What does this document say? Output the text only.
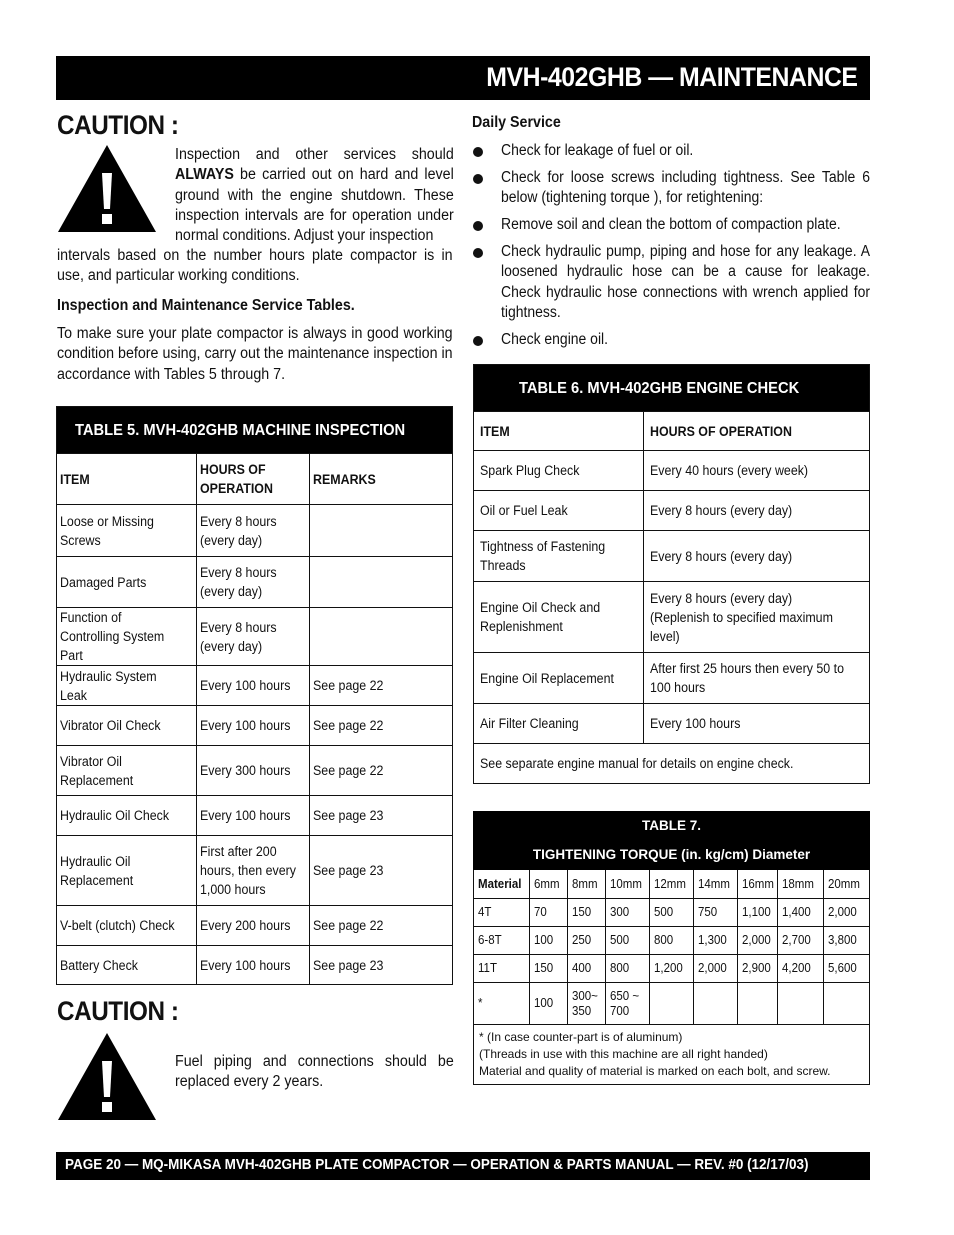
MVH-402GHB — MAINTENANCE
CAUTION :
Inspection and other services should ALWAYS be carried out on hard and level ground with the engine shutdown. These inspection intervals are for operation under normal conditions. Adjust your inspection
intervals based on the number hours plate compactor is in use, and particular working conditions.
Inspection and Maintenance Service Tables.
To make sure your plate compactor is always in good working condition before using, carry out the maintenance inspection in accordance with Tables 5 through 7.
TABLE 5. MVH-402GHB MACHINE INSPECTION		
ITEM	HOURS OF OPERATION	REMARKS
Loose or Missing Screws	Every 8 hours (every day)	
Damaged Parts	Every 8 hours (every day)	
Function of Controlling System Part	Every 8 hours (every day)	
Hydraulic System Leak	Every 100 hours	See page 22
Vibrator Oil Check	Every 100 hours	See page 22
Vibrator Oil Replacement	Every 300 hours	See page 22
Hydraulic Oil Check	Every 100 hours	See page 23
Hydraulic Oil Replacement	First after 200 hours, then every 1,000 hours	See page 23
V-belt (clutch) Check	Every 200 hours	See page 22
Battery Check	Every 100 hours	See page 23
CAUTION :
Fuel piping and connections should be replaced every 2 years.
Daily Service
Check for leakage of fuel or oil.
Check for loose screws including tightness. See Table 6 below (tightening torque ), for retightening:
Remove soil and clean the bottom of compaction plate.
Check hydraulic pump, piping and hose for any leakage. A loosened hydraulic hose can be a cause for leakage. Check hydraulic hose connections with wrench applied for tightness.
Check engine oil.
TABLE 6. MVH-402GHB ENGINE CHECK	
ITEM	HOURS OF OPERATION
Spark Plug Check	Every 40 hours (every week)
Oil or Fuel Leak	Every 8 hours (every day)
Tightness of Fastening Threads	Every 8 hours (every day)
Engine Oil Check and Replenishment	Every 8 hours (every day) (Replenish to specified maximum level)
Engine Oil Replacement	After first 25 hours then every 50 to 100 hours
Air Filter Cleaning	Every 100 hours
See separate engine manual for details on engine check.	
TABLE 7.								
TIGHTENING TORQUE (in. kg/cm) Diameter								
Material	6mm	8mm	10mm	12mm	14mm	16mm	18mm	20mm
4T	70	150	300	500	750	1,100	1,400	2,000
6-8T	100	250	500	800	1,300	2,000	2,700	3,800
11T	150	400	800	1,200	2,000	2,900	4,200	5,600
*	100	300~ 350	650 ~ 700					

* (In case counter-part is of aluminum)
(Threads in use with this machine are all right handed)
Material and quality of material is marked on each bolt, and screw.								
PAGE 20 — MQ-MIKASA MVH-402GHB PLATE COMPACTOR — OPERATION & PARTS MANUAL — REV. #0 (12/17/03)
